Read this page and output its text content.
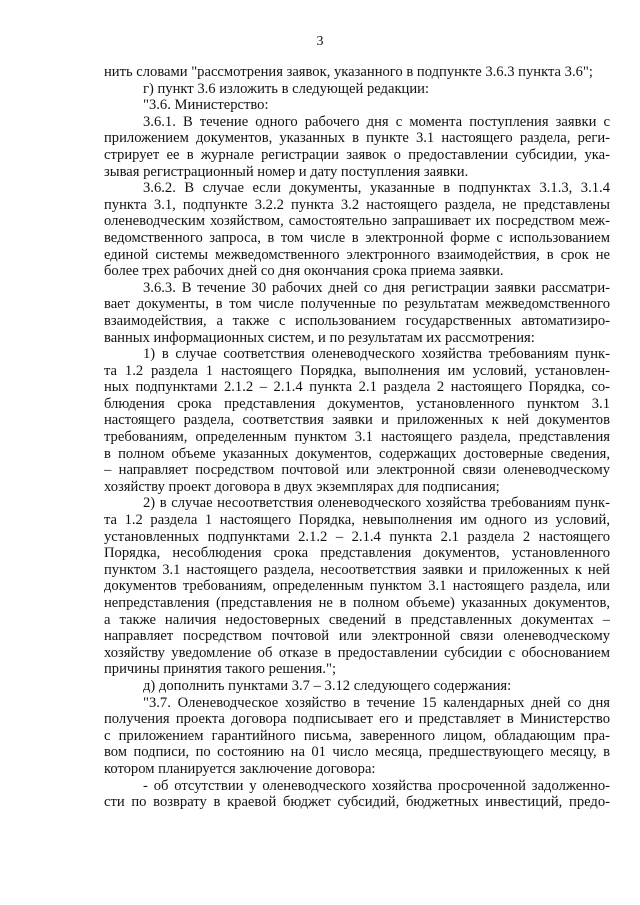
3
нить словами "рассмотрения заявок, указанного в подпункте 3.6.3 пункта 3.6";
г) пункт 3.6 изложить в следующей редакции:
"3.6. Министерство:
3.6.1. В течение одного рабочего дня с момента поступления заявки с
приложением документов, указанных в пункте 3.1 настоящего раздела, реги-
стрирует ее в журнале регистрации заявок о предоставлении субсидии, ука-
зывая регистрационный номер и дату поступления заявки.
3.6.2. В случае если документы, указанные в подпунктах 3.1.3, 3.1.4
пункта 3.1, подпункте 3.2.2 пункта 3.2 настоящего раздела, не представлены
оленеводческим хозяйством, самостоятельно запрашивает их посредством меж-
ведомственного запроса, в том числе в электронной форме с использованием
единой системы межведомственного электронного взаимодействия, в срок не
более трех рабочих дней со дня окончания срока приема заявки.
3.6.3. В течение 30 рабочих дней со дня регистрации заявки рассматри-
вает документы, в том числе полученные по результатам межведомственного
взаимодействия, а также с использованием государственных автоматизиро-
ванных информационных систем, и по результатам их рассмотрения:
1) в случае соответствия оленеводческого хозяйства требованиям пунк-
та 1.2 раздела 1 настоящего Порядка, выполнения им условий, установлен-
ных подпунктами 2.1.2 – 2.1.4 пункта 2.1 раздела 2 настоящего Порядка, со-
блюдения срока представления документов, установленного пунктом 3.1
настоящего раздела, соответствия заявки и приложенных к ней документов
требованиям, определенным пунктом 3.1 настоящего раздела, представления
в полном объеме указанных документов, содержащих достоверные сведения,
– направляет посредством почтовой или электронной связи оленеводческому
хозяйству проект договора в двух экземплярах для подписания;
2) в случае несоответствия оленеводческого хозяйства требованиям пунк-
та 1.2 раздела 1 настоящего Порядка, невыполнения им одного из условий,
установленных подпунктами 2.1.2 – 2.1.4 пункта 2.1 раздела 2 настоящего
Порядка, несоблюдения срока представления документов, установленного
пунктом 3.1 настоящего раздела, несоответствия заявки и приложенных к ней
документов требованиям, определенным пунктом 3.1 настоящего раздела, или
непредставления (представления не в полном объеме) указанных документов,
а также наличия недостоверных сведений в представленных документах –
направляет посредством почтовой или электронной связи оленеводческому
хозяйству уведомление об отказе в предоставлении субсидии с обоснованием
причины принятия такого решения.";
д) дополнить пунктами 3.7 – 3.12 следующего содержания:
"3.7. Оленеводческое хозяйство в течение 15 календарных дней со дня
получения проекта договора подписывает его и представляет в Министерство
с приложением гарантийного письма, заверенного лицом, обладающим пра-
вом подписи, по состоянию на 01 число месяца, предшествующего месяцу, в
котором планируется заключение договора:
- об отсутствии у оленеводческого хозяйства просроченной задолженно-
сти по возврату в краевой бюджет субсидий, бюджетных инвестиций, предо-
